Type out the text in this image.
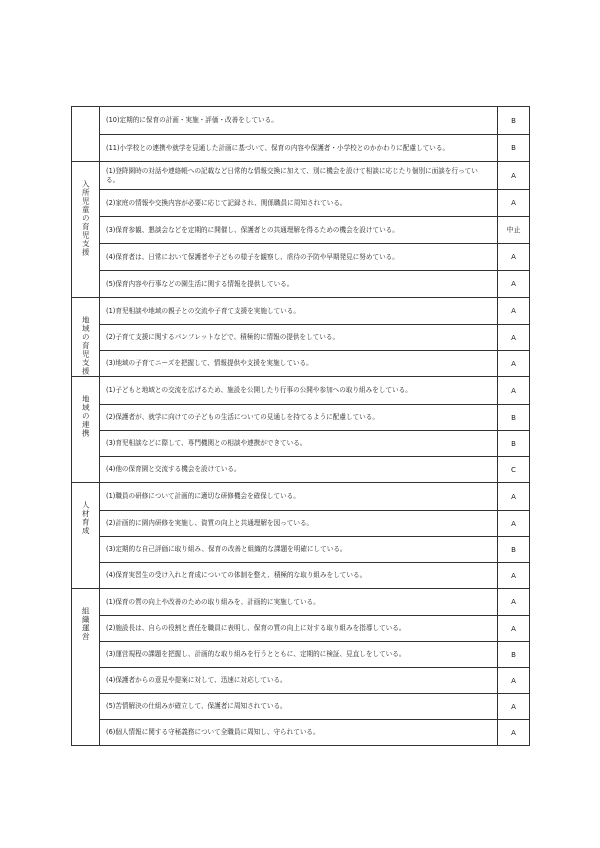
(10)定期的に保育の計画・実施・評価・改善をしている。	B
(11)小学校との連携や就学を見通した計画に基づいて、保育の内容や保護者・小学校とのかかわりに配慮している。	B
入所児童の育児支援
(1)登降園時の対話や連絡帳への記載など日常的な情報交換に加えて、別に機会を設けて相談に応じたり個別に面談を行っている。	A
(2)家庭の情報や交換内容が必要に応じて記録され、関係職員に周知されている。	A
(3)保育参観、懇談会などを定期的に開催し、保護者との共通理解を得るための機会を設けている。	中止
(4)保育者は、日常において保護者や子どもの様子を観察し、虐待の予防や早期発見に努めている。	A
(5)保育内容や行事などの園生活に関する情報を提供している。	A
地域の育児支援
(1)育児相談や地域の親子との交流や子育て支援を実施している。	A
(2)子育て支援に関するパンフレットなどで、積極的に情報の提供をしている。	A
(3)地域の子育てニーズを把握して、情報提供や支援を実施している。	A
地域の連携
(1)子どもと地域との交流を広げるため、施設を公開したり行事の公開や参加への取り組みをしている。	A
(2)保護者が、就学に向けての子どもの生活についての見通しを持てるように配慮している。	B
(3)育児相談などに際して、専門機関との相談や連携ができている。	B
(4)他の保育園と交流する機会を設けている。	C
人材育成
(1)職員の研修について計画的に適切な研修機会を確保している。	A
(2)計画的に園内研修を実施し、資質の向上と共通理解を図っている。	A
(3)定期的な自己評価に取り組み、保育の改善と組織的な課題を明確にしている。	B
(4)保育実習生の受け入れと育成についての体制を整え、積極的な取り組みをしている。	A
組織運営
(1)保育の質の向上や改善のための取り組みを、計画的に実施している。	A
(2)施設長は、自らの役割と責任を職員に表明し、保育の質の向上に対する取り組みを指導している。	A
(3)運営規程の課題を把握し、計画的な取り組みを行うとともに、定期的に検証、見直しをしている。	B
(4)保護者からの意見や提案に対して、迅速に対応している。	A
(5)苦情解決の仕組みが確立して、保護者に周知されている。	A
(6)個人情報に関する守秘義務について全職員に周知し、守られている。	A
